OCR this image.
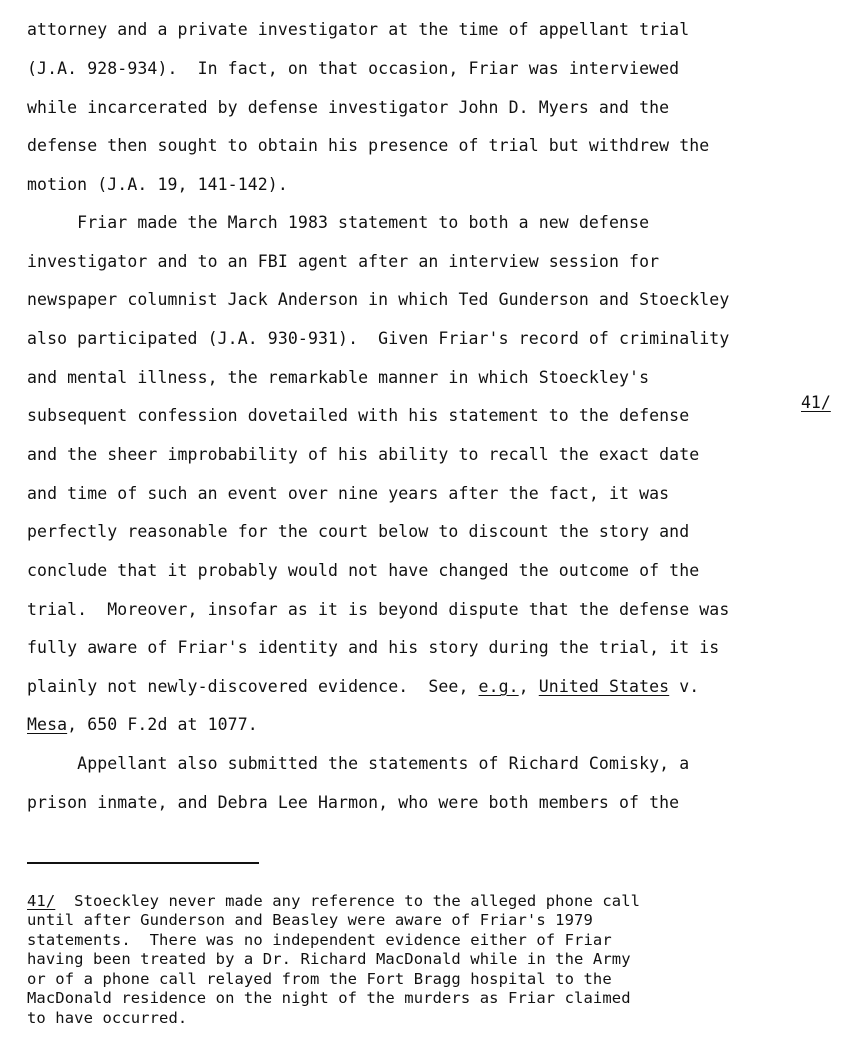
attorney and a private investigator at the time of appellant trial
(J.A. 928-934).  In fact, on that occasion, Friar was interviewed
while incarcerated by defense investigator John D. Myers and the
defense then sought to obtain his presence of trial but withdrew the
motion (J.A. 19, 141-142).
Friar made the March 1983 statement to both a new defense
investigator and to an FBI agent after an interview session for
newspaper columnist Jack Anderson in which Ted Gunderson and Stoeckley
also participated (J.A. 930-931).  Given Friar's record of criminality
and mental illness, the remarkable manner in which Stoeckley's
subsequent confession dovetailed with his statement to the defense
41/
and the sheer improbability of his ability to recall the exact date
and time of such an event over nine years after the fact, it was
perfectly reasonable for the court below to discount the story and
conclude that it probably would not have changed the outcome of the
trial.  Moreover, insofar as it is beyond dispute that the defense was
fully aware of Friar's identity and his story during the trial, it is
plainly not newly-discovered evidence.  See, e.g., United States v.
Mesa, 650 F.2d at 1077.
Appellant also submitted the statements of Richard Comisky, a
prison inmate, and Debra Lee Harmon, who were both members of the
41/  Stoeckley never made any reference to the alleged phone call
until after Gunderson and Beasley were aware of Friar's 1979
statements.  There was no independent evidence either of Friar
having been treated by a Dr. Richard MacDonald while in the Army
or of a phone call relayed from the Fort Bragg hospital to the
MacDonald residence on the night of the murders as Friar claimed
to have occurred.
